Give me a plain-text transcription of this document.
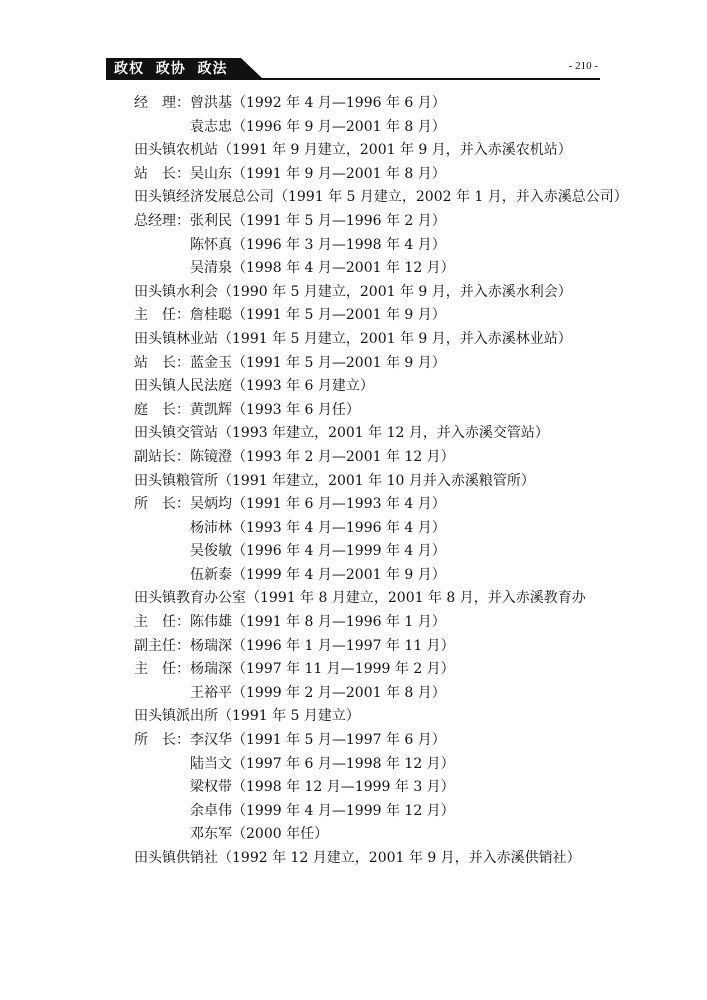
政权  政协  政法	- 210 -
经　理：曾洪基（1992 年 4 月—1996 年 6 月）
袁志忠（1996 年 9 月—2001 年 8 月）
田头镇农机站（1991 年 9 月建立，2001 年 9 月，并入赤溪农机站）
站　长：吴山东（1991 年 9 月—2001 年 8 月）
田头镇经济发展总公司（1991 年 5 月建立，2002 年 1 月，并入赤溪总公司）
总经理：张利民（1991 年 5 月—1996 年 2 月）
陈怀真（1996 年 3 月—1998 年 4 月）
吴清泉（1998 年 4 月—2001 年 12 月）
田头镇水利会（1990 年 5 月建立，2001 年 9 月，并入赤溪水利会）
主　任：詹桂聪（1991 年 5 月—2001 年 9 月）
田头镇林业站（1991 年 5 月建立，2001 年 9 月，并入赤溪林业站）
站　长：蓝金玉（1991 年 5 月—2001 年 9 月）
田头镇人民法庭（1993 年 6 月建立）
庭　长：黄凯辉（1993 年 6 月任）
田头镇交管站（1993 年建立，2001 年 12 月，并入赤溪交管站）
副站长：陈镜澄（1993 年 2 月—2001 年 12 月）
田头镇粮管所（1991 年建立，2001 年 10 月并入赤溪粮管所）
所　长：吴炳均（1991 年 6 月—1993 年 4 月）
杨沛林（1993 年 4 月—1996 年 4 月）
吴俊敏（1996 年 4 月—1999 年 4 月）
伍新泰（1999 年 4 月—2001 年 9 月）
田头镇教育办公室（1991 年 8 月建立，2001 年 8 月，并入赤溪教育办
主　任：陈伟雄（1991 年 8 月—1996 年 1 月）
副主任：杨瑞深（1996 年 1 月—1997 年 11 月）
主　任：杨瑞深（1997 年 11 月—1999 年 2 月）
王裕平（1999 年 2 月—2001 年 8 月）
田头镇派出所（1991 年 5 月建立）
所　长：李汉华（1991 年 5 月—1997 年 6 月）
陆当文（1997 年 6 月—1998 年 12 月）
梁权带（1998 年 12 月—1999 年 3 月）
余卓伟（1999 年 4 月—1999 年 12 月）
邓东军（2000 年任）
田头镇供销社（1992 年 12 月建立，2001 年 9 月，并入赤溪供销社）
